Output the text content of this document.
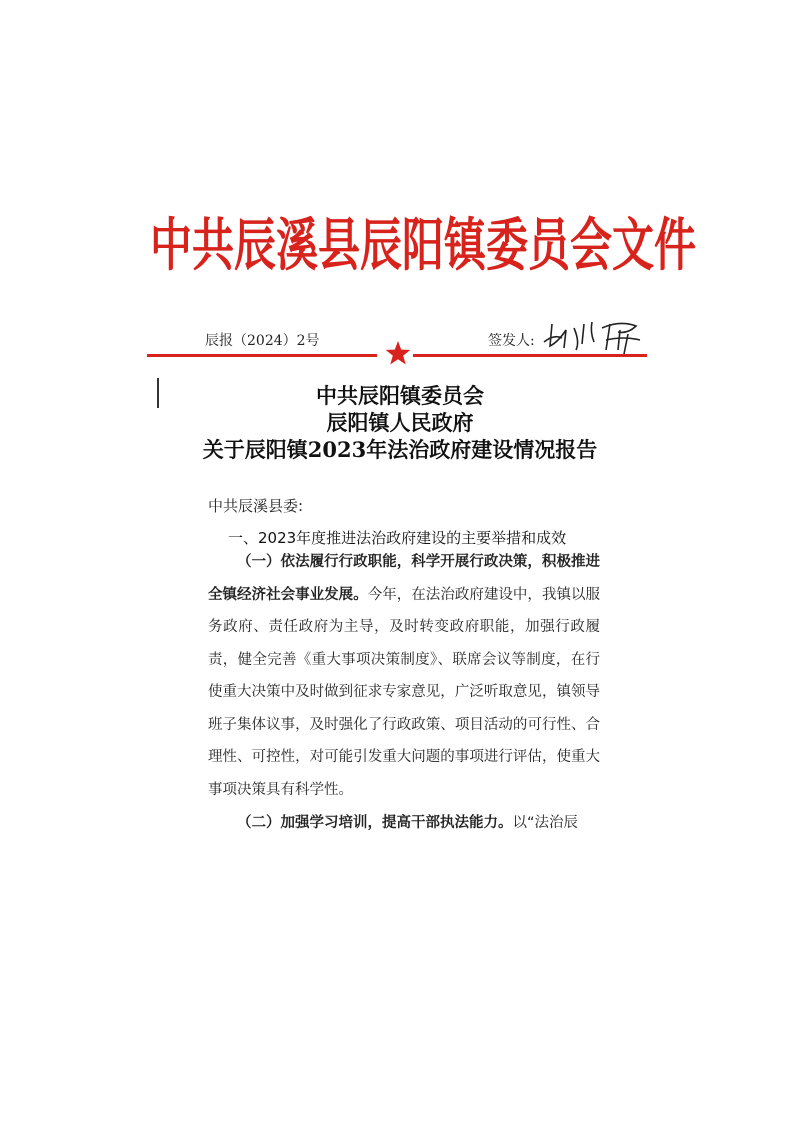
中共辰溪县辰阳镇委员会文件
辰报（2024）2号	签发人:
中共辰阳镇委员会
辰阳镇人民政府
关于辰阳镇2023年法治政府建设情况报告
中共辰溪县委:
一、2023年度推进法治政府建设的主要举措和成效

（一）依法履行行政职能，科学开展行政决策，积极推进全镇经济社会事业发展。今年，在法治政府建设中，我镇以服务政府、责任政府为主导，及时转变政府职能，加强行政履责，健全完善《重大事项决策制度》、联席会议等制度，在行使重大决策中及时做到征求专家意见，广泛听取意见，镇领导班子集体议事，及时强化了行政政策、项目活动的可行性、合理性、可控性，对可能引发重大问题的事项进行评估，使重大事项决策具有科学性。

（二）加强学习培训，提高干部执法能力。以“法治辰
